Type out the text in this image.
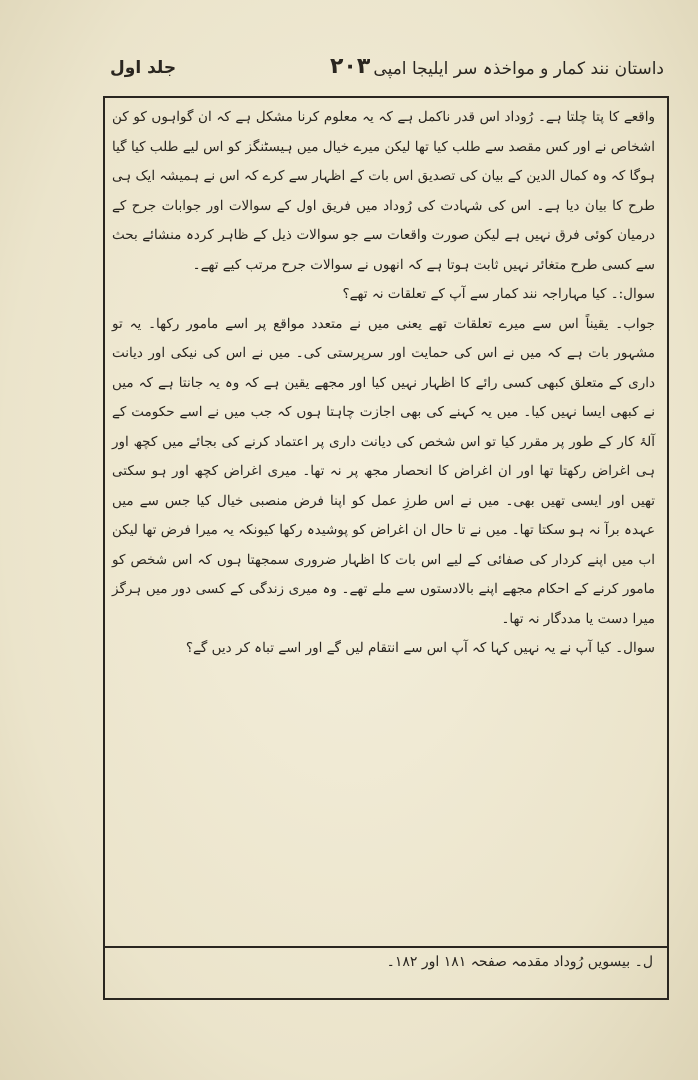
داستان نند کمار و مواخذہ سر ایلیجا امپی
۲۰۳
جلد اول

واقعے کا پتا چلتا ہے۔ رُوداد اس قدر ناکمل ہے کہ یہ معلوم کرنا مشکل ہے کہ ان گواہوں کو کن اشخاص نے اور کس مقصد سے طلب کیا تھا لیکن میرے خیال میں ہیسٹنگز کو اس لیے طلب کیا گیا ہوگا کہ وہ کمال الدین کے بیان کی تصدیق اس بات کے اظہار سے کرے کہ اس نے ہمیشہ ایک ہی طرح کا بیان دیا ہے۔ اس کی شہادت کی رُوداد میں فریق اول کے سوالات اور جوابات جرح کے درمیان کوئی فرق نہیں ہے لیکن صورت واقعات سے جو سوالات ذیل کے ظاہر کردہ منشائے بحث سے کسی طرح متغائر نہیں ثابت ہوتا ہے کہ انھوں نے سوالات جرح مرتب کیے تھے۔

سوال:۔ کیا مہاراجہ نند کمار سے آپ کے تعلقات نہ تھے؟

جواب۔ یقیناً اس سے میرے تعلقات تھے یعنی میں نے متعدد مواقع پر اسے مامور رکھا۔ یہ تو مشہور بات ہے کہ میں نے اس کی حمایت اور سرپرستی کی۔ میں نے اس کی نیکی اور دیانت داری کے متعلق کبھی کسی رائے کا اظہار نہیں کیا اور مجھے یقین ہے کہ وہ یہ جانتا ہے کہ میں نے کبھی ایسا نہیں کیا۔ میں یہ کہنے کی بھی اجازت چاہتا ہوں کہ جب میں نے اسے حکومت کے آلۂ کار کے طور پر مقرر کیا تو اس شخص کی دیانت داری پر اعتماد کرنے کی بجائے میں کچھ اور ہی اغراض رکھتا تھا اور ان اغراض کا انحصار مجھ پر نہ تھا۔ میری اغراض کچھ اور ہو سکتی تھیں اور ایسی تھیں بھی۔ میں نے اس طرزِ عمل کو اپنا فرض منصبی خیال کیا جس سے میں عہدہ برآ نہ ہو سکتا تھا۔ میں نے تا حال ان اغراض کو پوشیدہ رکھا کیونکہ یہ میرا فرض تھا لیکن اب میں اپنے کردار کی صفائی کے لیے اس بات کا اظہار ضروری سمجھتا ہوں کہ اس شخص کو مامور کرنے کے احکام مجھے اپنے بالادستوں سے ملے تھے۔ وہ میری زندگی کے کسی دور میں ہرگز میرا دست یا مددگار نہ تھا۔

سوال۔ کیا آپ نے یہ نہیں کہا کہ آپ اس سے انتقام لیں گے اور اسے تباہ کر دیں گے؟

ل۔ بیسویں رُوداد مقدمہ صفحہ ۱۸۱ اور ۱۸۲۔
